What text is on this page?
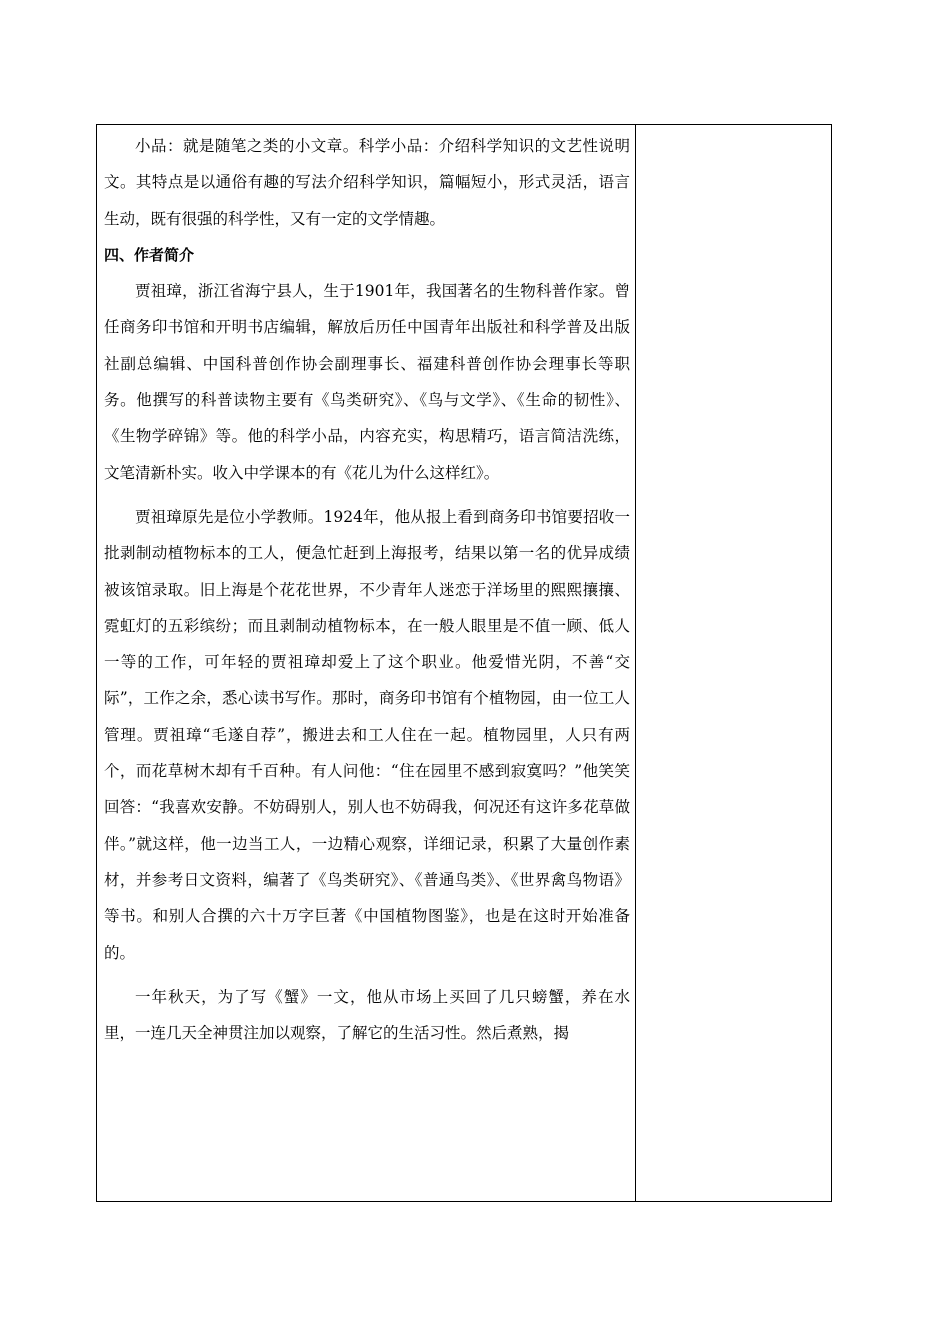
小品：就是随笔之类的小文章。科学小品：介绍科学知识的文艺性说明文。其特点是以通俗有趣的写法介绍科学知识，篇幅短小，形式灵活，语言生动，既有很强的科学性，又有一定的文学情趣。

四、作者简介

贾祖璋，浙江省海宁县人，生于1901年，我国著名的生物科普作家。曾任商务印书馆和开明书店编辑，解放后历任中国青年出版社和科学普及出版社副总编辑、中国科普创作协会副理事长、福建科普创作协会理事长等职务。他撰写的科普读物主要有《鸟类研究》、《鸟与文学》、《生命的韧性》、《生物学碎锦》等。他的科学小品，内容充实，构思精巧，语言简洁洗练，文笔清新朴实。收入中学课本的有《花儿为什么这样红》。

贾祖璋原先是位小学教师。1924年，他从报上看到商务印书馆要招收一批剥制动植物标本的工人，便急忙赶到上海报考，结果以第一名的优异成绩被该馆录取。旧上海是个花花世界，不少青年人迷恋于洋场里的熙熙攘攘、霓虹灯的五彩缤纷；而且剥制动植物标本，在一般人眼里是不值一顾、低人一等的工作，可年轻的贾祖璋却爱上了这个职业。他爱惜光阴，不善“交际”，工作之余，悉心读书写作。那时，商务印书馆有个植物园，由一位工人管理。贾祖璋“毛遂自荐”，搬进去和工人住在一起。植物园里，人只有两个，而花草树木却有千百种。有人问他：“住在园里不感到寂寞吗？”他笑笑回答：“我喜欢安静。不妨碍别人，别人也不妨碍我，何况还有这许多花草做伴。”就这样，他一边当工人，一边精心观察，详细记录，积累了大量创作素材，并参考日文资料，编著了《鸟类研究》、《普通鸟类》、《世界禽鸟物语》等书。和别人合撰的六十万字巨著《中国植物图鉴》，也是在这时开始准备的。

一年秋天，为了写《蟹》一文，他从市场上买回了几只螃蟹，养在水里，一连几天全神贯注加以观察，了解它的生活习性。然后煮熟，揭
